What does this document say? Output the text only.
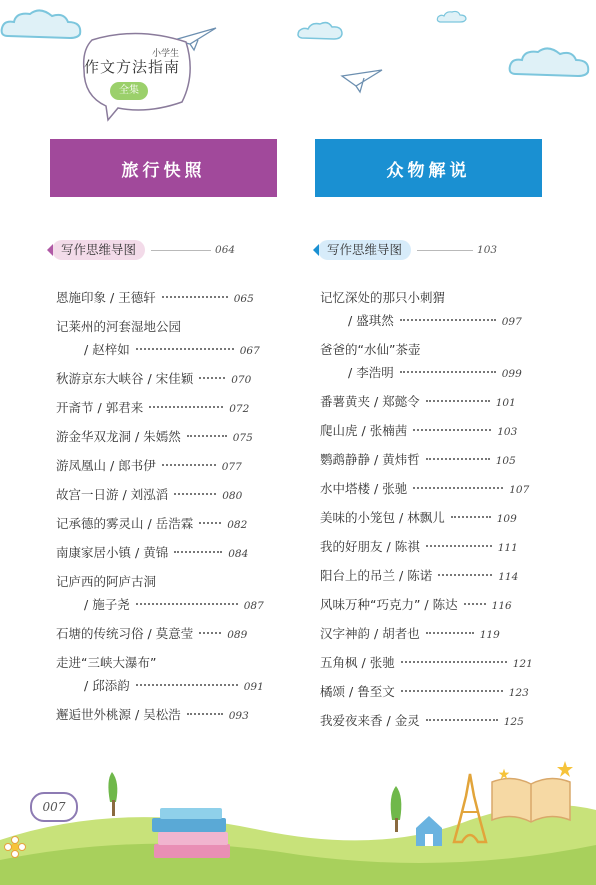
小学生
作文方法指南
全集
旅行快照	众物解说
写作思维导图	064	写作思维导图	103
恩施印象 / 王德轩	065
记莱州的河套湿地公园
/ 赵梓如	067
秋游京东大峡谷 / 宋佳颖	070
开斋节 / 郭君来	072
游金华双龙洞 / 朱嫣然	075
游凤凰山 / 郎书伊	077
故宫一日游 / 刘泓滔	080
记承德的雾灵山 / 岳浩霖	082
南康家居小镇 / 黄锦	084
记庐西的阿庐古洞
/ 施子尧	087
石塘的传统习俗 / 莫意莹	089
走进“三峡大瀑布”
/ 邱添韵	091
邂逅世外桃源 / 吴松浩	093
记忆深处的那只小刺猬
/ 盛琪然	097
爸爸的“水仙”茶壶
/ 李浩明	099
番薯黄夹 / 郑懿令	101
爬山虎 / 张楠茜	103
鹦鹉静静 / 黄炜哲	105
水中塔楼 / 张驰	107
美味的小笼包 / 林飘儿	109
我的好朋友 / 陈祺	111
阳台上的吊兰 / 陈诺	114
风味万种“巧克力” / 陈达	116
汉字神韵 / 胡者也	119
五角枫 / 张驰	121
橘颂 / 鲁至文	123
我爱夜来香 / 金灵	125
007
